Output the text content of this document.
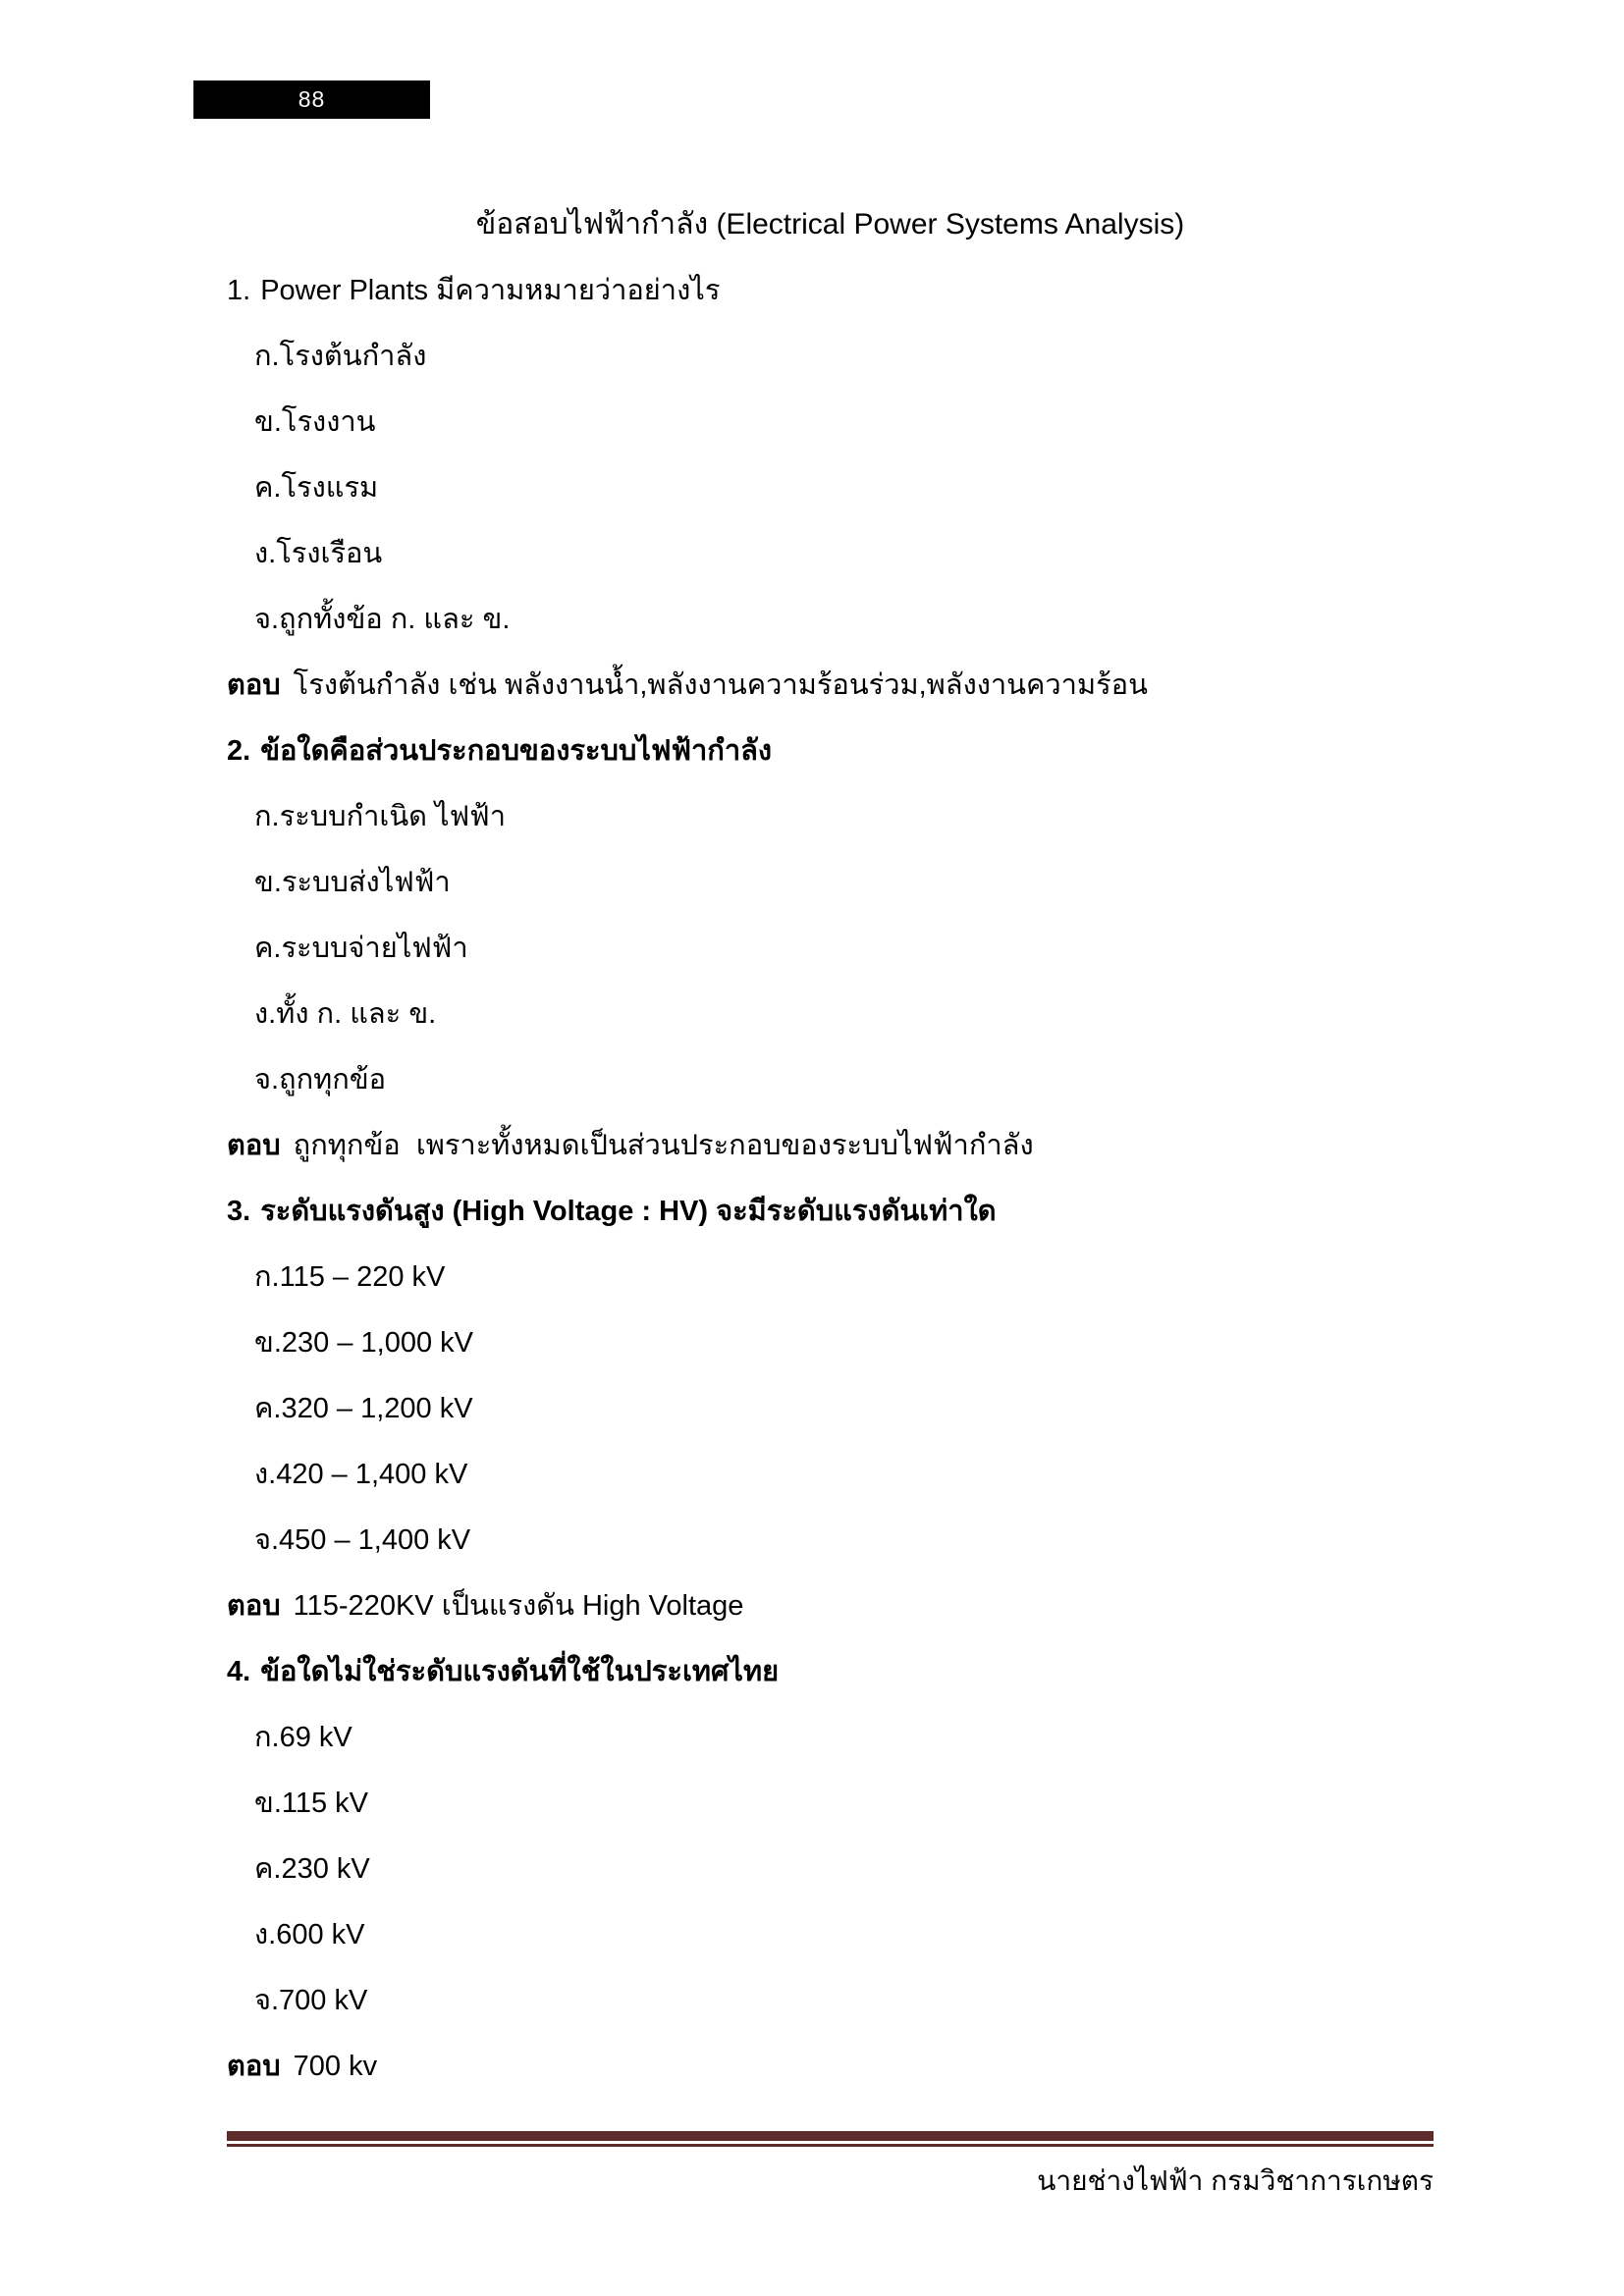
88
ข้อสอบไฟฟ้ากำลัง (Electrical Power Systems Analysis)
1. Power Plants มีความหมายว่าอย่างไร
ก.โรงต้นกำลัง
ข.โรงงาน
ค.โรงแรม
ง.โรงเรือน
จ.ถูกทั้งข้อ ก. และ ข.
ตอบ โรงต้นกำลัง เช่น พลังงานน้ำ,พลังงานความร้อนร่วม,พลังงานความร้อน
2. ข้อใดคือส่วนประกอบของระบบไฟฟ้ากำลัง
ก.ระบบกำเนิด ไฟฟ้า
ข.ระบบส่งไฟฟ้า
ค.ระบบจ่ายไฟฟ้า
ง.ทั้ง ก. และ ข.
จ.ถูกทุกข้อ
ตอบ ถูกทุกข้อ  เพราะทั้งหมดเป็นส่วนประกอบของระบบไฟฟ้ากำลัง
3. ระดับแรงดันสูง (High Voltage : HV) จะมีระดับแรงดันเท่าใด
ก.115 – 220 kV
ข.230 – 1,000 kV
ค.320 – 1,200 kV
ง.420 – 1,400 kV
จ.450 – 1,400 kV
ตอบ 115-220KV เป็นแรงดัน High Voltage
4. ข้อใดไม่ใช่ระดับแรงดันที่ใช้ในประเทศไทย
ก.69 kV
ข.115 kV
ค.230 kV
ง.600 kV
จ.700 kV
ตอบ 700 kv
นายช่างไฟฟ้า กรมวิชาการเกษตร
